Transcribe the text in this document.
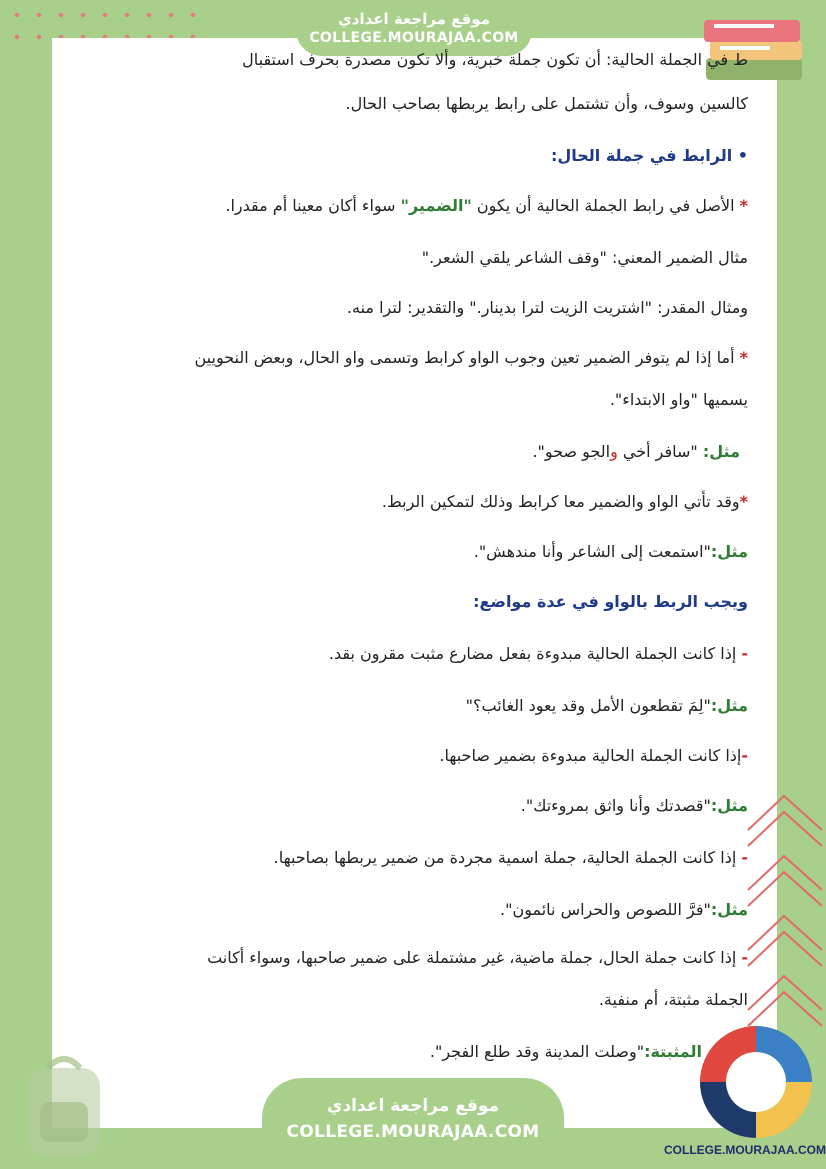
موقع مراجعة اعدادي
COLLEGE.MOURAJAA.COM
ط في الجملة الحالية: أن تكون جملة خبرية، وألا تكون مصدرة بحرف استقبال
كالسين وسوف، وأن تشتمل على رابط يربطها بصاحب الحال.
• الرابط في جملة الحال:
* الأصل في رابط الجملة الحالية أن يكون "الضمير" سواء أكان معينا أم مقدرا.
مثال الضمير المعني: "وقف الشاعر يلقي الشعر."
ومثال المقدر: "اشتريت الزيت لترا بدينار." والتقدير: لترا منه.
* أما إذا لم يتوفر الضمير تعين وجوب الواو كرابط وتسمى واو الحال، وبعض النحويين
يسميها "واو الابتداء".
مثل: "سافر أخي والجو صحو".
*وقد تأتي الواو والضمير معا كرابط وذلك لتمكين الربط.
مثل:"استمعت إلى الشاعر وأنا مندهش".
ويجب الربط بالواو في عدة مواضع:
- إذا كانت الجملة الحالية مبدوءة بفعل مضارع مثبت مقرون بقد.
مثل:"لِمَ تقطعون الأمل وقد يعود الغائب؟"
-إذا كانت الجملة الحالية مبدوءة بضمير صاحبها.
مثل:"قصدتك وأنا واثق بمروءتك".
- إذا كانت الجملة الحالية، جملة اسمية مجردة من ضمير يربطها بصاحبها.
مثل:"فرَّ اللصوص والحراس نائمون".
- إذا كانت جملة الحال، جملة ماضية، غير مشتملة على ضمير صاحبها، وسواء أكانت
الجملة مثبتة، أم منفية.
المثبتة:"وصلت المدينة وقد طلع الفجر".
موقع مراجعة اعدادي
COLLEGE.MOURAJAA.COM
COLLEGE.MOURAJAA.COM
